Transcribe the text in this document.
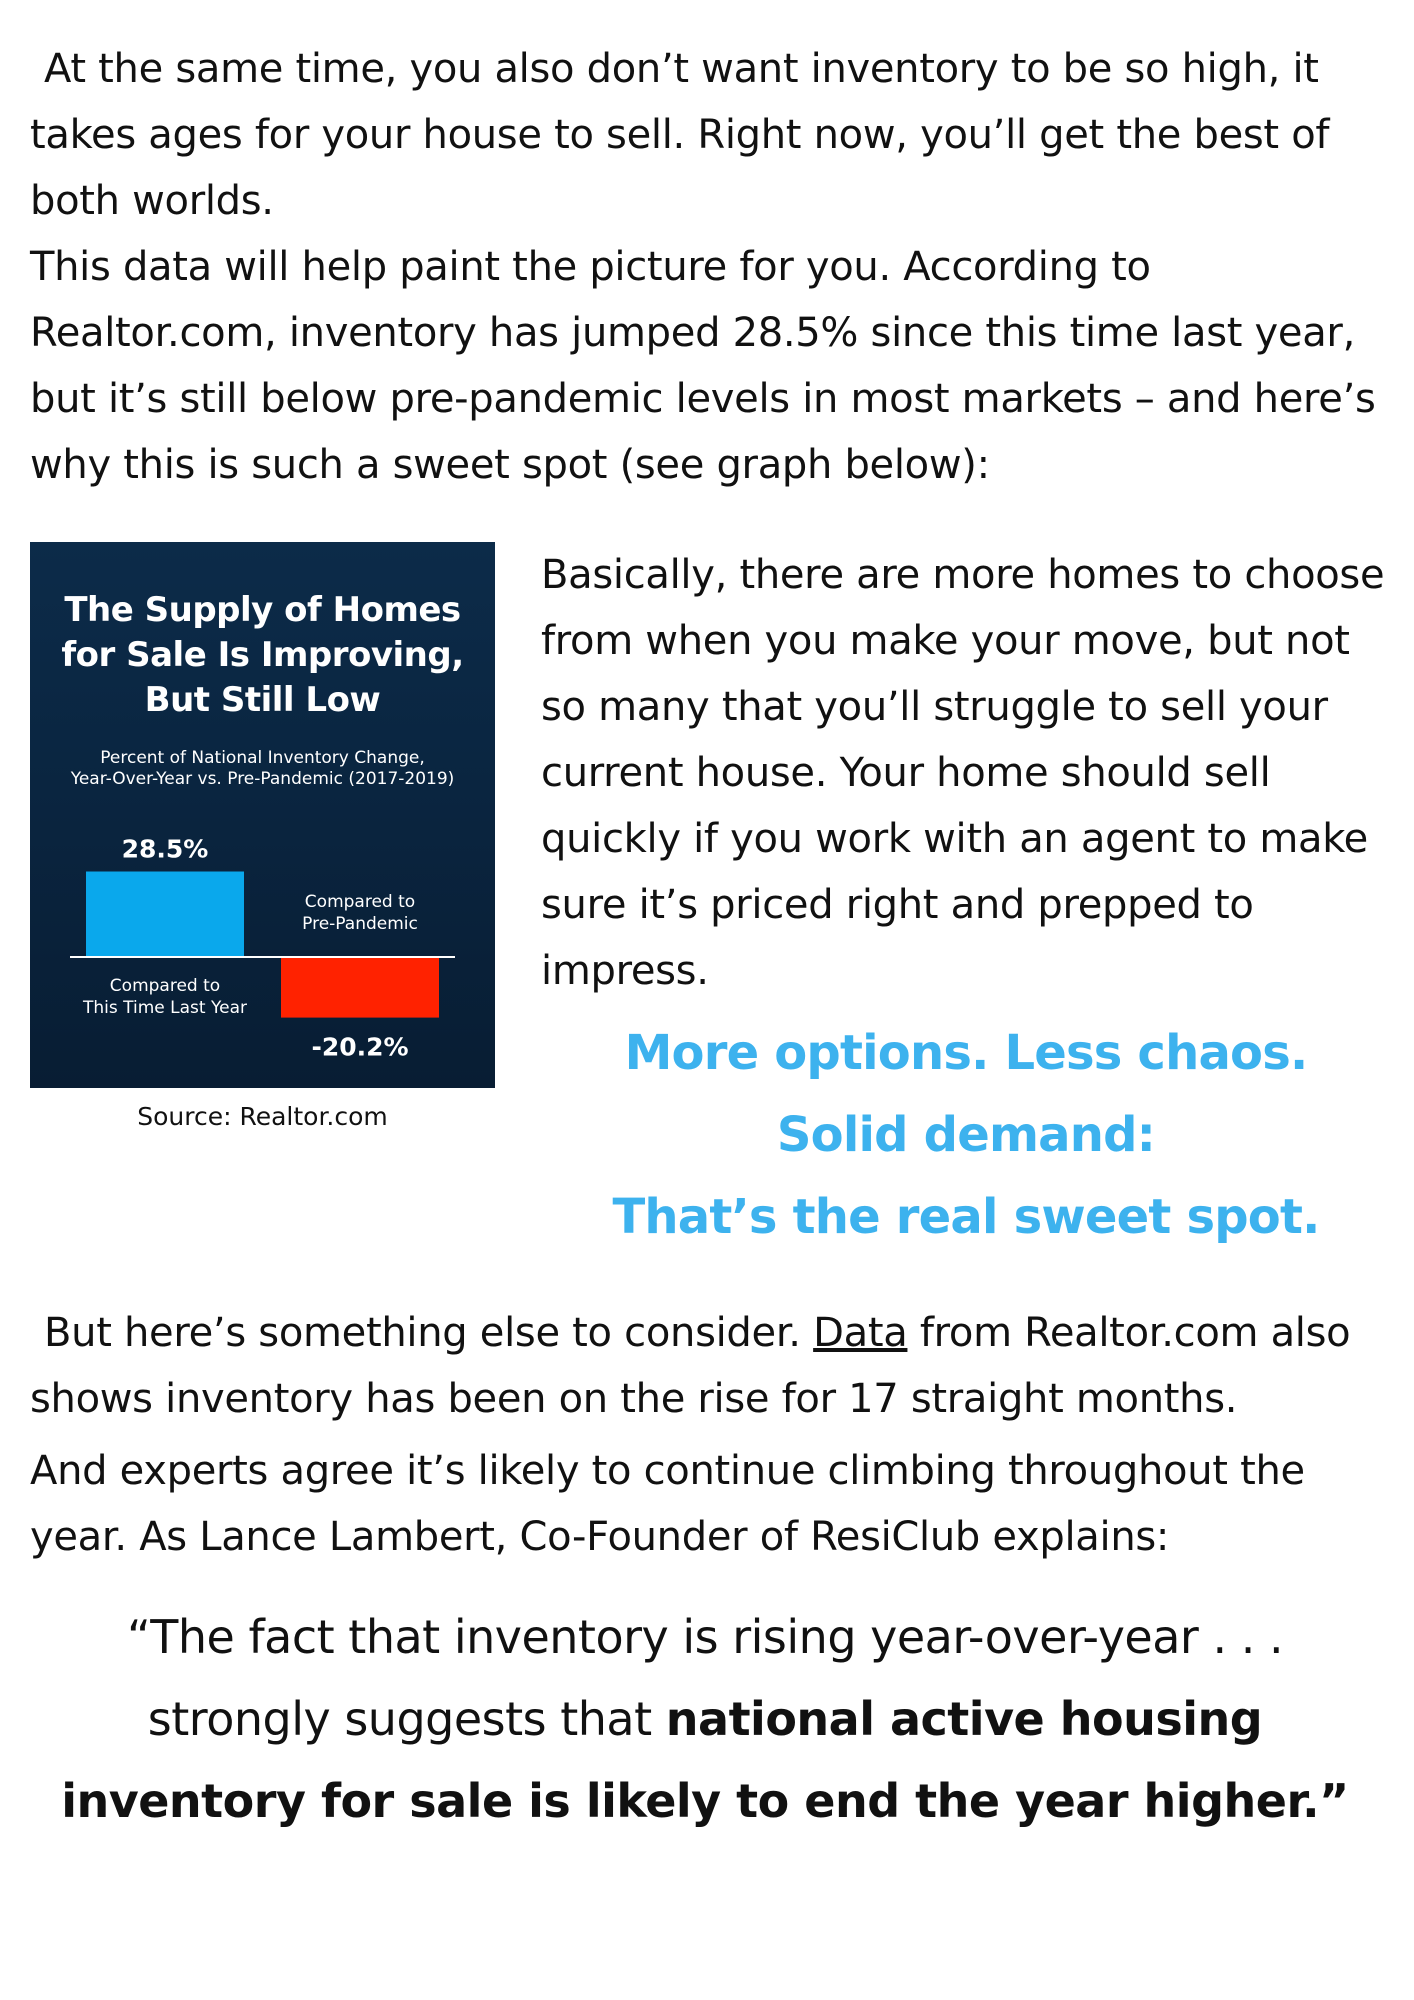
At the same time, you also don’t want inventory to be so high, it takes ages for your house to sell. Right now, you’ll get the best of both worlds.

This data will help paint the picture for you. According to Realtor.com, inventory has jumped 28.5% since this time last year, but it’s still below pre-pandemic levels in most markets – and here’s why this is such a sweet spot (see graph below):

The Supply of Homes
for Sale Is Improving,
But Still Low
Percent of National Inventory Change,
Year-Over-Year vs. Pre-Pandemic (2017-2019)
28.5%
Compared to
This Time Last Year
-20.2%
Compared to
Pre-Pandemic
Source: Realtor.com

Basically, there are more homes to choose from when you make your move, but not so many that you’ll struggle to sell your current house. Your home should sell quickly if you work with an agent to make sure it’s priced right and prepped to impress.

More options. Less chaos.
Solid demand:
That’s the real sweet spot.

But here’s something else to consider. Data from Realtor.com also shows inventory has been on the rise for 17 straight months.
And experts agree it’s likely to continue climbing throughout the year. As Lance Lambert, Co-Founder of ResiClub explains:

“The fact that inventory is rising year-over-year . . . strongly suggests that national active housing inventory for sale is likely to end the year higher.”
